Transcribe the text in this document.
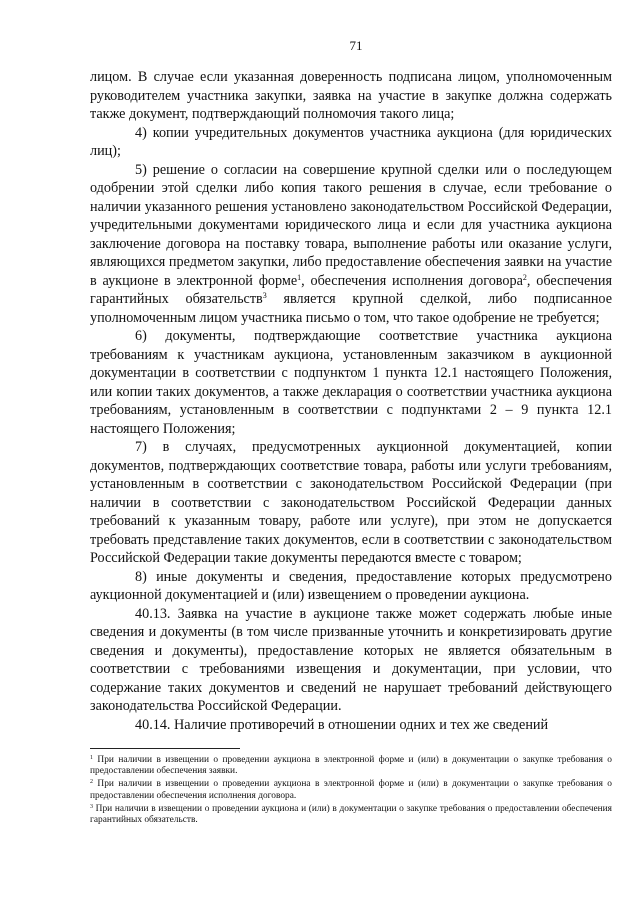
71

лицом. В случае если указанная доверенность подписана лицом, уполномоченным руководителем участника закупки, заявка на участие в закупке должна содержать также документ, подтверждающий полномочия такого лица;

4) копии учредительных документов участника аукциона (для юридических лиц);

5) решение о согласии на совершение крупной сделки или о последующем одобрении этой сделки либо копия такого решения в случае, если требование о наличии указанного решения установлено законодательством Российской Федерации, учредительными документами юридического лица и если для участника аукциона заключение договора на поставку товара, выполнение работы или оказание услуги, являющихся предметом закупки, либо предоставление обеспечения заявки на участие в аукционе в электронной форме$^1$, обеспечения исполнения договора$^2$, обеспечения гарантийных обязательств$^3$ является крупной сделкой, либо подписанное уполномоченным лицом участника письмо о том, что такое одобрение не требуется;

6) документы, подтверждающие соответствие участника аукциона требованиям к участникам аукциона, установленным заказчиком в аукционной документации в соответствии с подпунктом 1 пункта 12.1 настоящего Положения, или копии таких документов, а также декларация о соответствии участника аукциона требованиям, установленным в соответствии с подпунктами 2 – 9 пункта 12.1 настоящего Положения;

7) в случаях, предусмотренных аукционной документацией, копии документов, подтверждающих соответствие товара, работы или услуги требованиям, установленным в соответствии с законодательством Российской Федерации (при наличии в соответствии с законодательством Российской Федерации данных требований к указанным товару, работе или услуге), при этом не допускается требовать представление таких документов, если в соответствии с законодательством Российской Федерации такие документы передаются вместе с товаром;

8) иные документы и сведения, предоставление которых предусмотрено аукционной документацией и (или) извещением о проведении аукциона.

40.13. Заявка на участие в аукционе также может содержать любые иные сведения и документы (в том числе призванные уточнить и конкретизировать другие сведения и документы), предоставление которых не является обязательным в соответствии с требованиями извещения и документации, при условии, что содержание таких документов и сведений не нарушает требований действующего законодательства Российской Федерации.

40.14. Наличие противоречий в отношении одних и тех же сведений

$^1$ При наличии в извещении о проведении аукциона в электронной форме и (или) в документации о закупке требования о предоставлении обеспечения заявки.

$^2$ При наличии в извещении о проведении аукциона в электронной форме и (или) в документации о закупке требования о предоставлении обеспечения исполнения договора.

$^3$ При наличии в извещении о проведении аукциона и (или) в документации о закупке требования о предоставлении обеспечения гарантийных обязательств.
